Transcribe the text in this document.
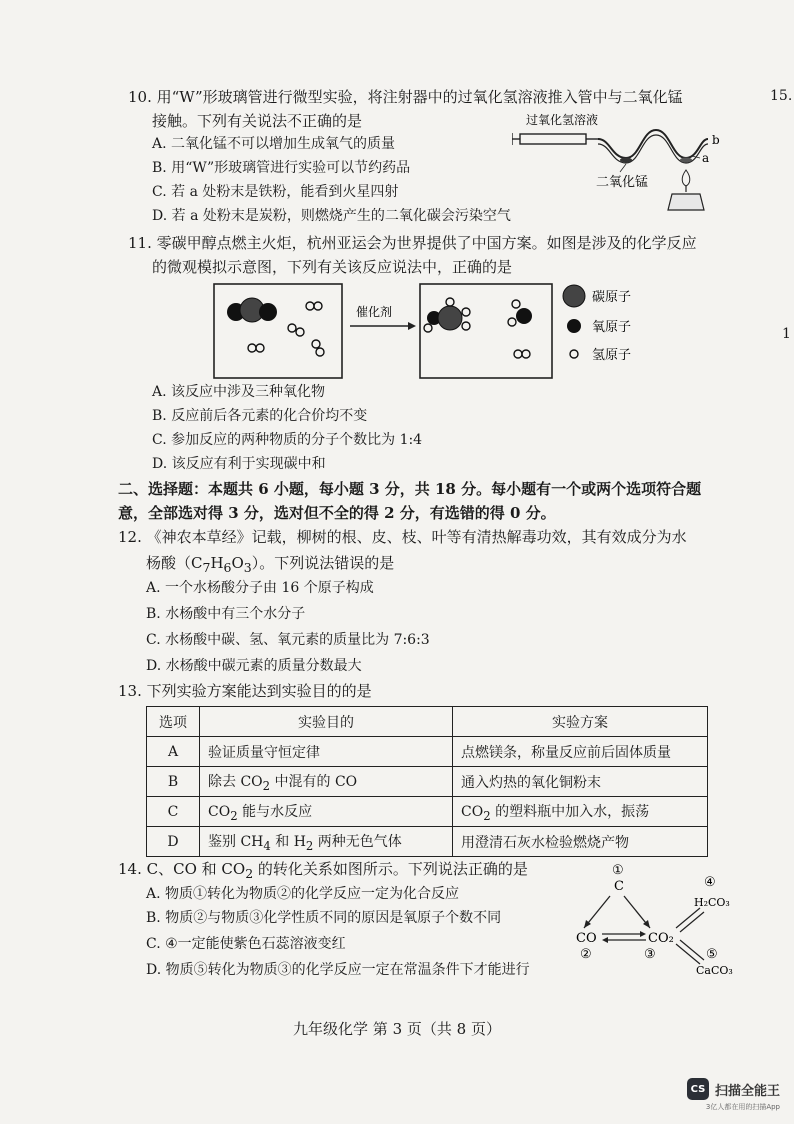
15.
1
10. 用“W”形玻璃管进行微型实验，将注射器中的过氧化氢溶液推入管中与二氧化锰
接触。下列有关说法不正确的是
A. 二氧化锰不可以增加生成氧气的质量
B. 用“W”形玻璃管进行实验可以节约药品
C. 若 a 处粉末是铁粉，能看到火星四射
D. 若 a 处粉末是炭粉，则燃烧产生的二氧化碳会污染空气
过氧化氢溶液
b
a
二氧化锰
11. 零碳甲醇点燃主火炬，杭州亚运会为世界提供了中国方案。如图是涉及的化学反应
的微观模拟示意图，下列有关该反应说法中，正确的是
催化剂
碳原子
氧原子
氢原子
A. 该反应中涉及三种氧化物
B. 反应前后各元素的化合价均不变
C. 参加反应的两种物质的分子个数比为 1:4
D. 该反应有利于实现碳中和
二、选择题：本题共 6 小题，每小题 3 分，共 18 分。每小题有一个或两个选项符合题
意，全部选对得 3 分，选对但不全的得 2 分，有选错的得 0 分。
12. 《神农本草经》记载，柳树的根、皮、枝、叶等有清热解毒功效，其有效成分为水
杨酸$(C_7H_6O_3)$。下列说法错误的是
A. 一个水杨酸分子由 16 个原子构成
B. 水杨酸中有三个水分子
C. 水杨酸中碳、氢、氧元素的质量比为 7:6:3
D. 水杨酸中碳元素的质量分数最大
13. 下列实验方案能达到实验目的的是
选项	实验目的	实验方案
A	验证质量守恒定律	点燃镁条，称量反应前后固体质量
B	除去 $CO_2$ 中混有的 CO	通入灼热的氧化铜粉末
C	$CO_2$ 能与水反应	$CO_2$ 的塑料瓶中加入水，振荡
D	鉴别 $CH_4$ 和 $H_2$ 两种无色气体	用澄清石灰水检验燃烧产物
14. C、CO 和 $CO_2$ 的转化关系如图所示。下列说法正确的是
A. 物质①转化为物质②的化学反应一定为化合反应
B. 物质②与物质③化学性质不同的原因是氧原子个数不同
C. ④一定能使紫色石蕊溶液变红
D. 物质⑤转化为物质③的化学反应一定在常温条件下才能进行
①
C	④
H₂CO₃
CO
②
CO₂
③	⑤
CaCO₃
九年级化学 第 3 页（共 8 页）
CS 扫描全能王
3亿人都在用的扫描App
